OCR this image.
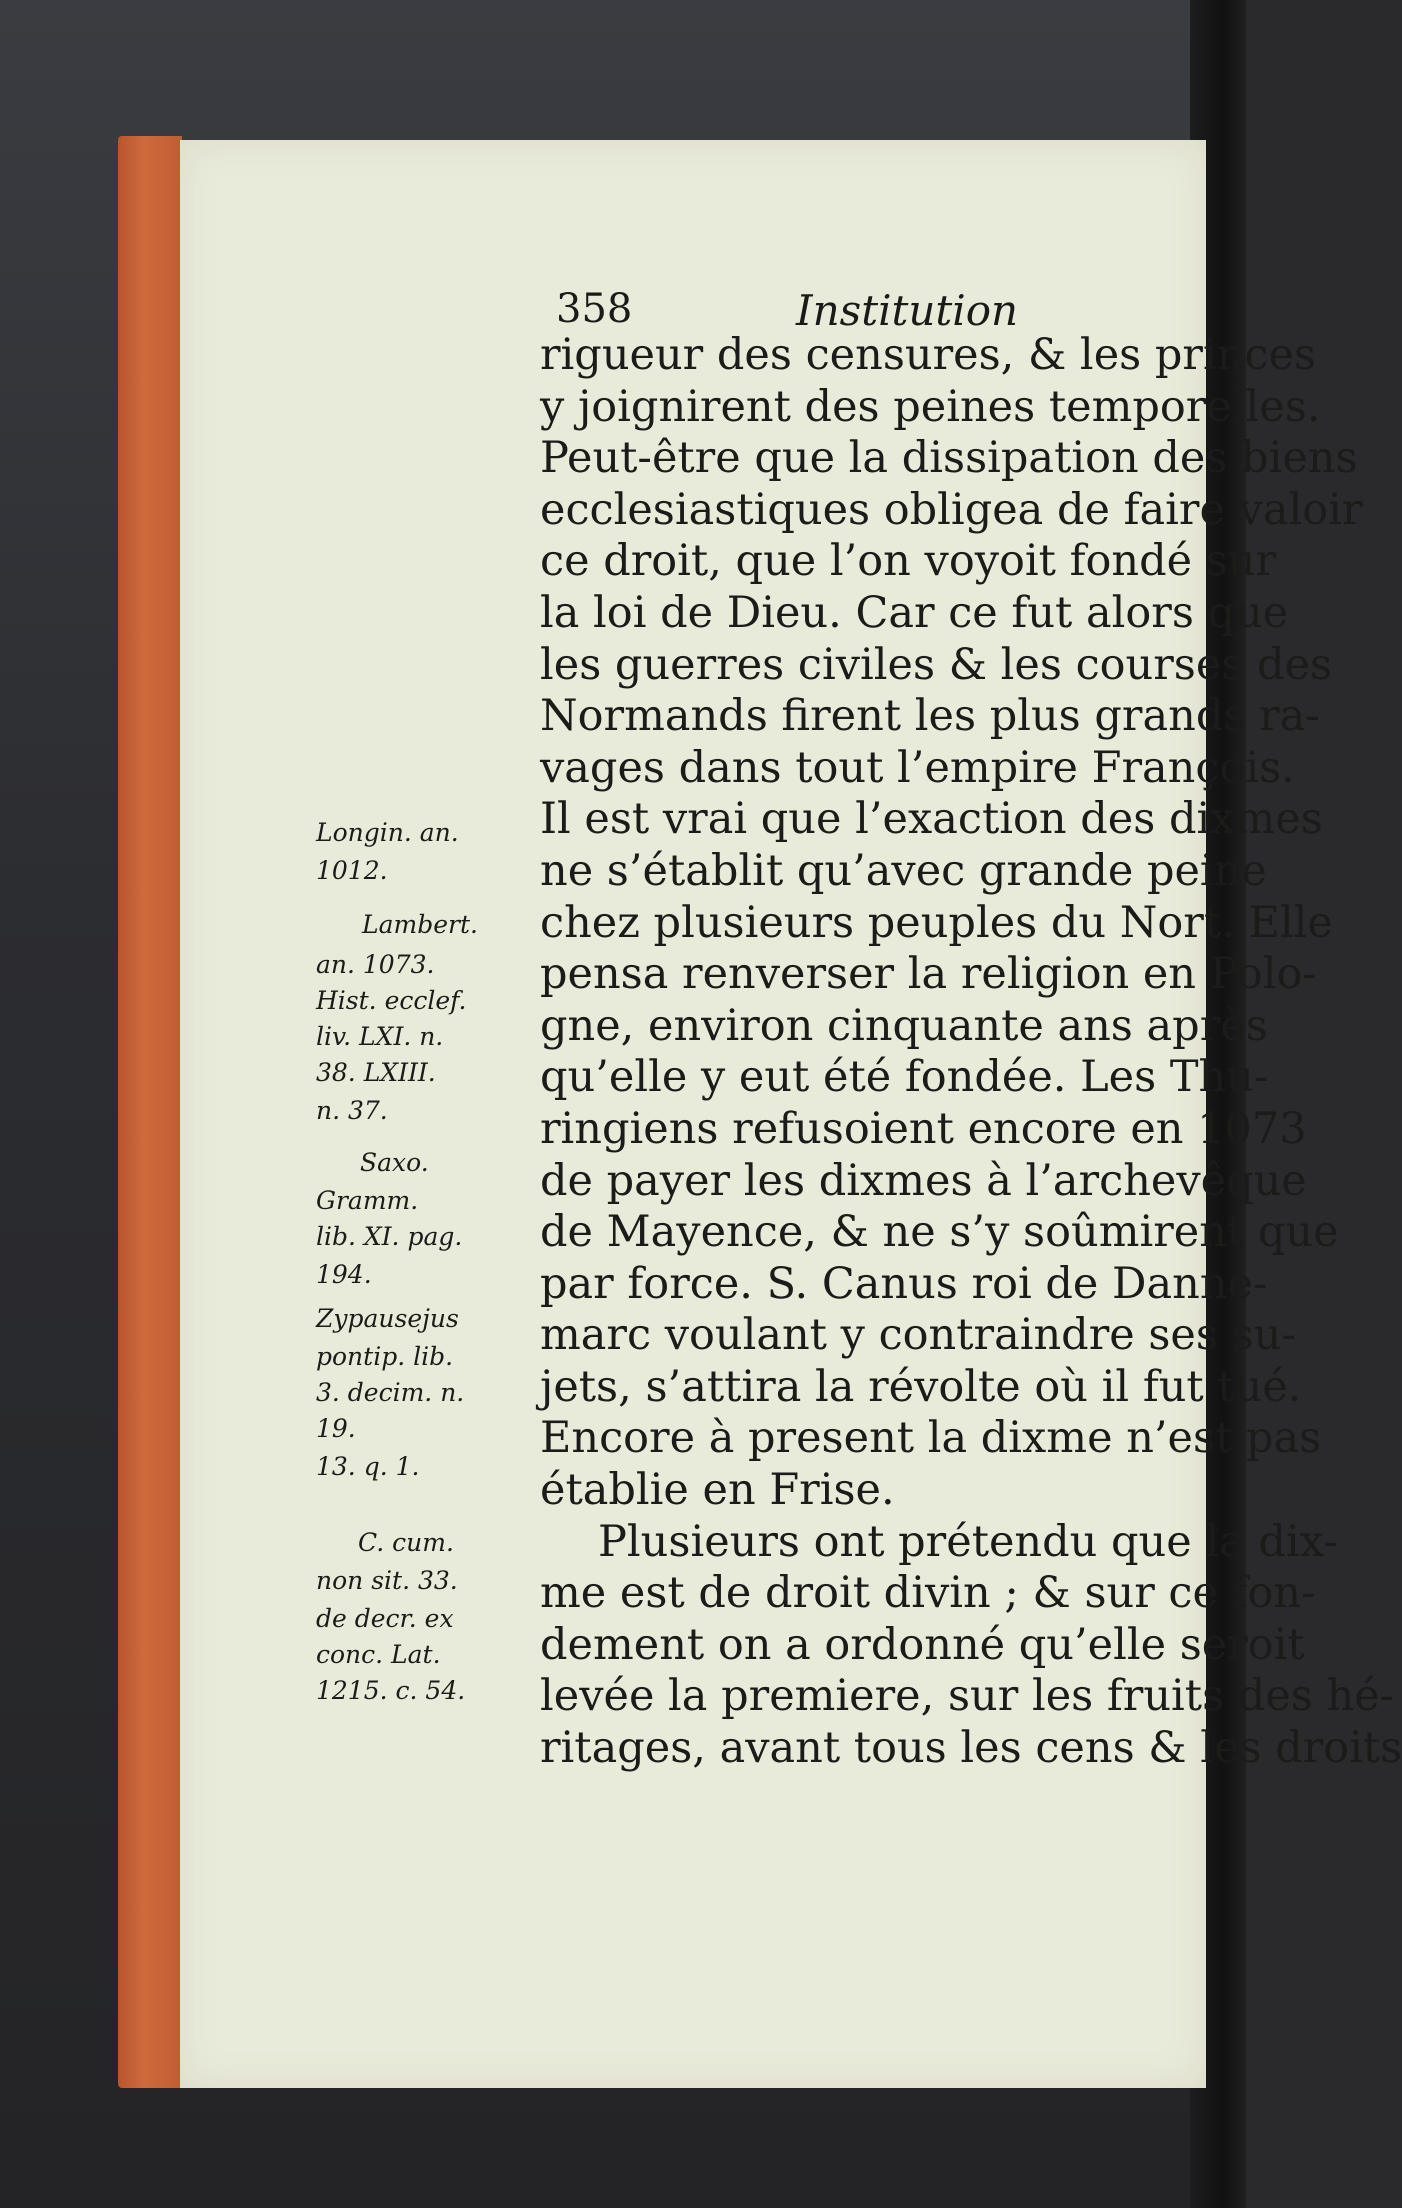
358	Institution
rigueur des censures, & les princes
y joignirent des peines temporelles.
Peut-être que la dissipation des biens
ecclesiastiques obligea de faire valoir
ce droit, que l’on voyoit fondé sur
la loi de Dieu. Car ce fut alors que
les guerres civiles & les courses des
Normands firent les plus grands ra-
vages dans tout l’empire François.
Il est vrai que l’exaction des dixmes
ne s’établit qu’avec grande peine
chez plusieurs peuples du Nort. Elle
pensa renverser la religion en Polo-
gne, environ cinquante ans après
qu’elle y eut été fondée. Les Thu-
ringiens refusoient encore en 1073
de payer les dixmes à l’archevêque
de Mayence, & ne s’y soûmirent que
par force. S. Canus roi de Danne-
marc voulant y contraindre ses su-
jets, s’attira la révolte où il fut tué.
Encore à present la dixme n’est pas
établie en Frise.
Plusieurs ont prétendu que la dix-
me est de droit divin ; & sur ce fon-
dement on a ordonné qu’elle seroit
levée la premiere, sur les fruits des hé-
ritages, avant tous les cens & les droits
Longin. an.
1012.
Lambert.
an. 1073.
Hist. ecclef.
liv. LXI. n.
38. LXIII.
n. 37.
Saxo.
Gramm.
lib. XI. pag.
194.
Zypausejus
pontip. lib.
3. decim. n.
19.
13. q. 1.
C. cum.
non sit. 33.
de decr. ex
conc. Lat.
1215. c. 54.
